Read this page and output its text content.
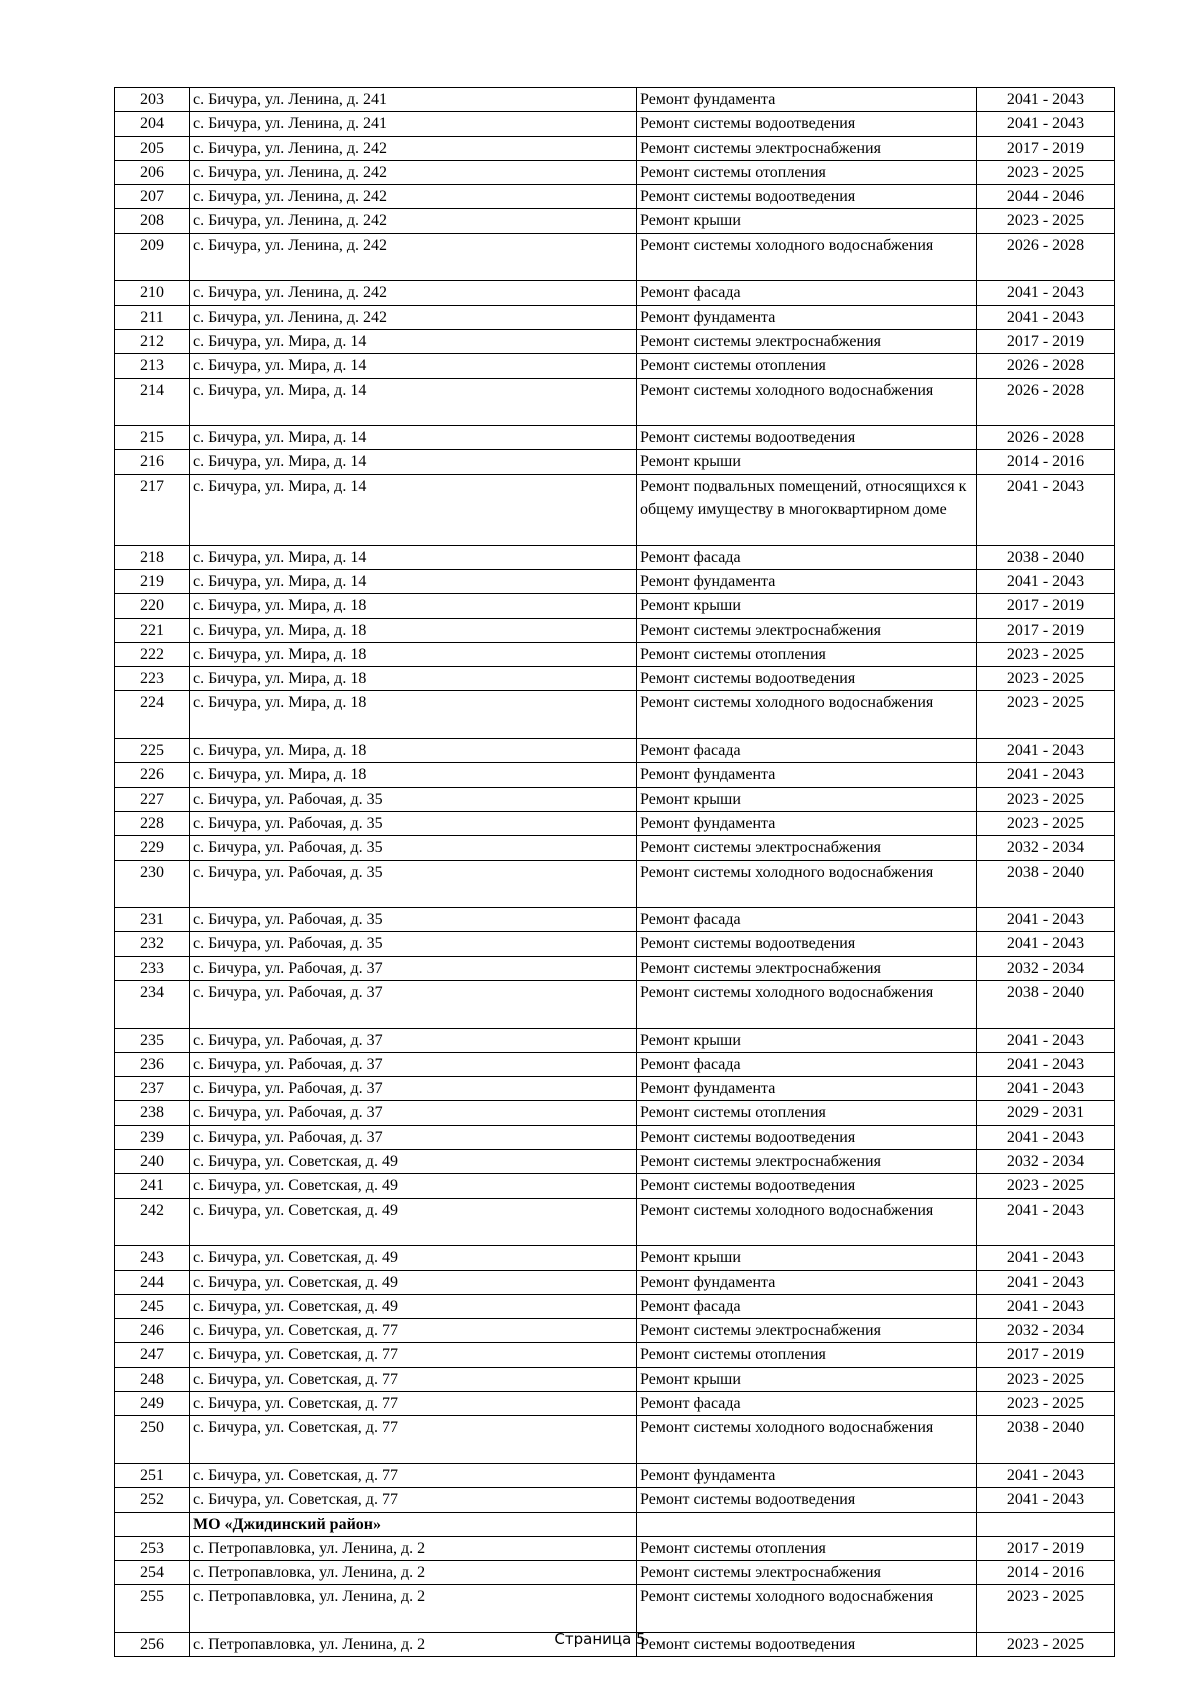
203	с. Бичура, ул. Ленина, д. 241	Ремонт фундамента	2041 - 2043
204	с. Бичура, ул. Ленина, д. 241	Ремонт системы водоотведения	2041 - 2043
205	с. Бичура, ул. Ленина, д. 242	Ремонт системы электроснабжения	2017 - 2019
206	с. Бичура, ул. Ленина, д. 242	Ремонт системы отопления	2023 - 2025
207	с. Бичура, ул. Ленина, д. 242	Ремонт системы водоотведения	2044 - 2046
208	с. Бичура, ул. Ленина, д. 242	Ремонт крыши	2023 - 2025
209	с. Бичура, ул. Ленина, д. 242	Ремонт системы холодного водоснабжения	2026 - 2028
210	с. Бичура, ул. Ленина, д. 242	Ремонт фасада	2041 - 2043
211	с. Бичура, ул. Ленина, д. 242	Ремонт фундамента	2041 - 2043
212	с. Бичура, ул. Мира, д. 14	Ремонт системы электроснабжения	2017 - 2019
213	с. Бичура, ул. Мира, д. 14	Ремонт системы отопления	2026 - 2028
214	с. Бичура, ул. Мира, д. 14	Ремонт системы холодного водоснабжения	2026 - 2028
215	с. Бичура, ул. Мира, д. 14	Ремонт системы водоотведения	2026 - 2028
216	с. Бичура, ул. Мира, д. 14	Ремонт крыши	2014 - 2016
217	с. Бичура, ул. Мира, д. 14	Ремонт подвальных помещений, относящихся к общему имуществу в многоквартирном доме	2041 - 2043
218	с. Бичура, ул. Мира, д. 14	Ремонт фасада	2038 - 2040
219	с. Бичура, ул. Мира, д. 14	Ремонт фундамента	2041 - 2043
220	с. Бичура, ул. Мира, д. 18	Ремонт крыши	2017 - 2019
221	с. Бичура, ул. Мира, д. 18	Ремонт системы электроснабжения	2017 - 2019
222	с. Бичура, ул. Мира, д. 18	Ремонт системы отопления	2023 - 2025
223	с. Бичура, ул. Мира, д. 18	Ремонт системы водоотведения	2023 - 2025
224	с. Бичура, ул. Мира, д. 18	Ремонт системы холодного водоснабжения	2023 - 2025
225	с. Бичура, ул. Мира, д. 18	Ремонт фасада	2041 - 2043
226	с. Бичура, ул. Мира, д. 18	Ремонт фундамента	2041 - 2043
227	с. Бичура, ул. Рабочая, д. 35	Ремонт крыши	2023 - 2025
228	с. Бичура, ул. Рабочая, д. 35	Ремонт фундамента	2023 - 2025
229	с. Бичура, ул. Рабочая, д. 35	Ремонт системы электроснабжения	2032 - 2034
230	с. Бичура, ул. Рабочая, д. 35	Ремонт системы холодного водоснабжения	2038 - 2040
231	с. Бичура, ул. Рабочая, д. 35	Ремонт фасада	2041 - 2043
232	с. Бичура, ул. Рабочая, д. 35	Ремонт системы водоотведения	2041 - 2043
233	с. Бичура, ул. Рабочая, д. 37	Ремонт системы электроснабжения	2032 - 2034
234	с. Бичура, ул. Рабочая, д. 37	Ремонт системы холодного водоснабжения	2038 - 2040
235	с. Бичура, ул. Рабочая, д. 37	Ремонт крыши	2041 - 2043
236	с. Бичура, ул. Рабочая, д. 37	Ремонт фасада	2041 - 2043
237	с. Бичура, ул. Рабочая, д. 37	Ремонт фундамента	2041 - 2043
238	с. Бичура, ул. Рабочая, д. 37	Ремонт системы отопления	2029 - 2031
239	с. Бичура, ул. Рабочая, д. 37	Ремонт системы водоотведения	2041 - 2043
240	с. Бичура, ул. Советская, д. 49	Ремонт системы электроснабжения	2032 - 2034
241	с. Бичура, ул. Советская, д. 49	Ремонт системы водоотведения	2023 - 2025
242	с. Бичура, ул. Советская, д. 49	Ремонт системы холодного водоснабжения	2041 - 2043
243	с. Бичура, ул. Советская, д. 49	Ремонт крыши	2041 - 2043
244	с. Бичура, ул. Советская, д. 49	Ремонт фундамента	2041 - 2043
245	с. Бичура, ул. Советская, д. 49	Ремонт фасада	2041 - 2043
246	с. Бичура, ул. Советская, д. 77	Ремонт системы электроснабжения	2032 - 2034
247	с. Бичура, ул. Советская, д. 77	Ремонт системы отопления	2017 - 2019
248	с. Бичура, ул. Советская, д. 77	Ремонт крыши	2023 - 2025
249	с. Бичура, ул. Советская, д. 77	Ремонт фасада	2023 - 2025
250	с. Бичура, ул. Советская, д. 77	Ремонт системы холодного водоснабжения	2038 - 2040
251	с. Бичура, ул. Советская, д. 77	Ремонт фундамента	2041 - 2043
252	с. Бичура, ул. Советская, д. 77	Ремонт системы водоотведения	2041 - 2043
	МО «Джидинский район»		
253	с. Петропавловка, ул. Ленина, д. 2	Ремонт системы отопления	2017 - 2019
254	с. Петропавловка, ул. Ленина, д. 2	Ремонт системы электроснабжения	2014 - 2016
255	с. Петропавловка, ул. Ленина, д. 2	Ремонт системы холодного водоснабжения	2023 - 2025
256	с. Петропавловка, ул. Ленина, д. 2	Ремонт системы водоотведения	2023 - 2025
Страница 5
